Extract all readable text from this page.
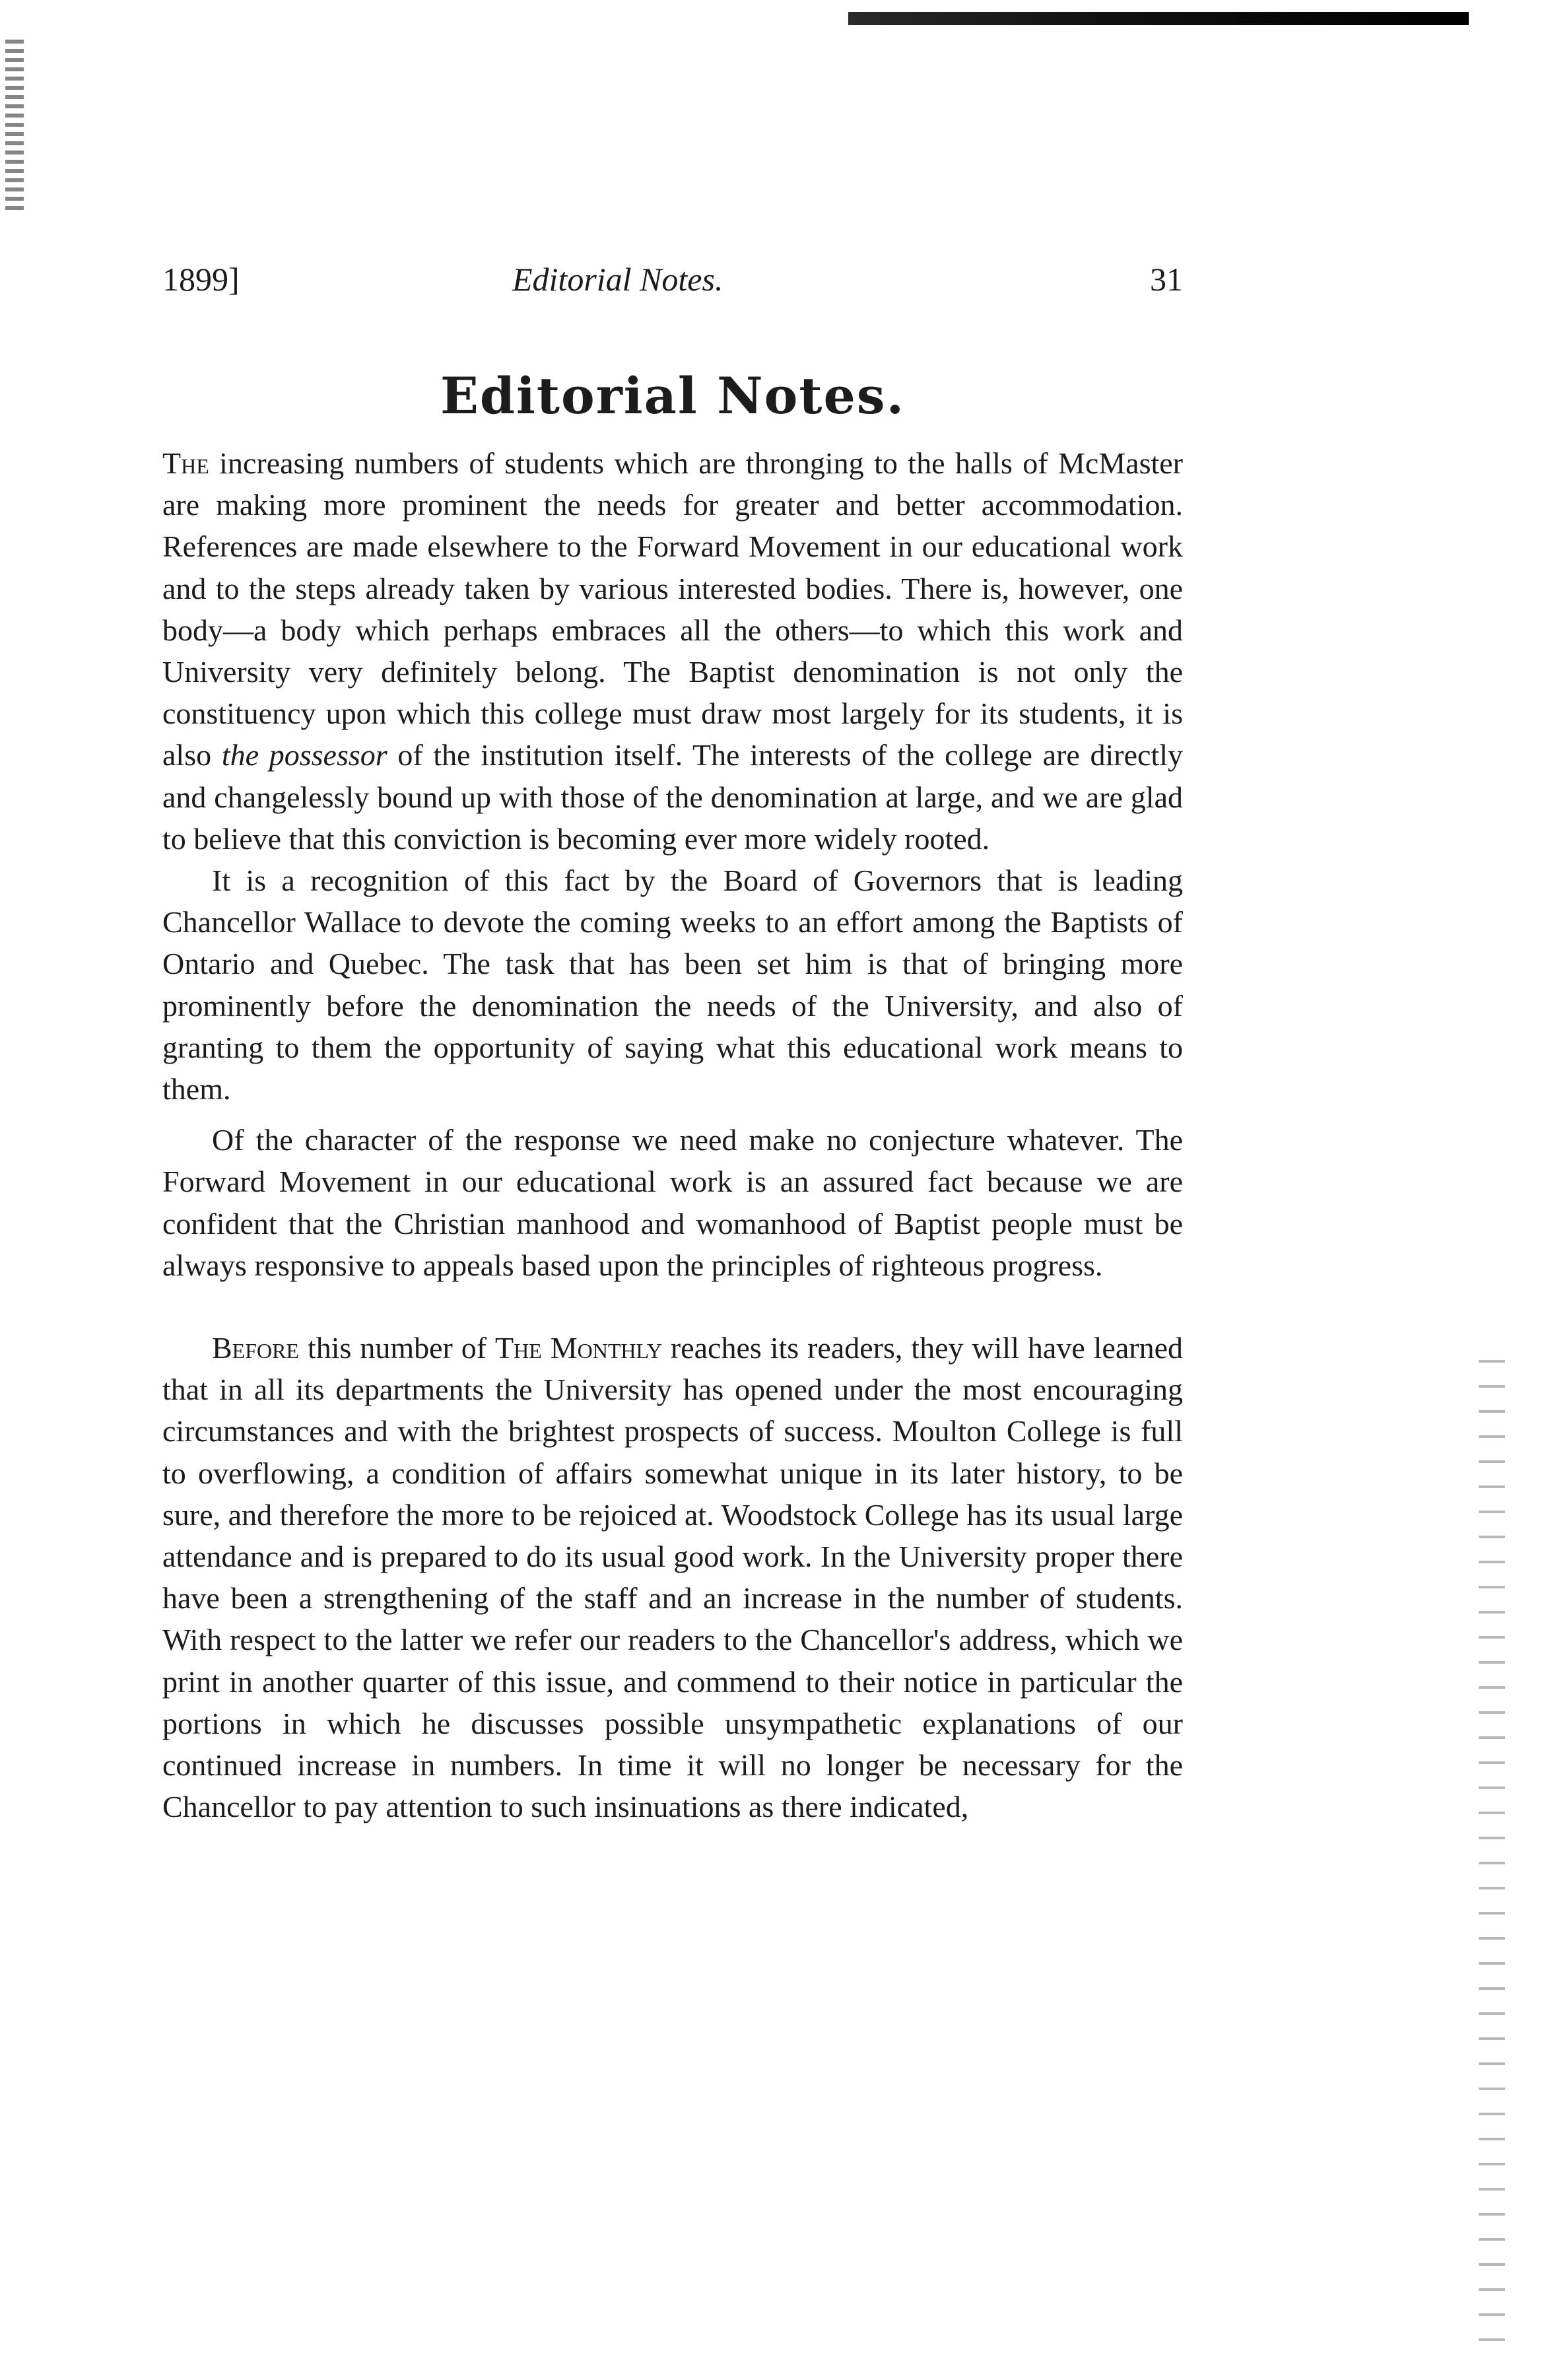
1899]	Editorial Notes.	31
Editorial Notes.

The increasing numbers of students which are thronging to the halls of McMaster are making more prominent the needs for greater and better accommodation. References are made elsewhere to the Forward Movement in our educational work and to the steps already taken by various interested bodies. There is, however, one body—a body which perhaps embraces all the others—to which this work and University very definitely belong. The Baptist denomination is not only the constituency upon which this college must draw most largely for its students, it is also the possessor of the institution itself. The interests of the college are directly and changelessly bound up with those of the denomination at large, and we are glad to believe that this conviction is becoming ever more widely rooted.

It is a recognition of this fact by the Board of Governors that is leading Chancellor Wallace to devote the coming weeks to an effort among the Baptists of Ontario and Quebec. The task that has been set him is that of bringing more prominently before the denomination the needs of the University, and also of granting to them the opportunity of saying what this educational work means to them.

Of the character of the response we need make no conjecture whatever. The Forward Movement in our educational work is an assured fact because we are confident that the Christian manhood and womanhood of Baptist people must be always responsive to appeals based upon the principles of righteous progress.

Before this number of The Monthly reaches its readers, they will have learned that in all its departments the University has opened under the most encouraging circumstances and with the brightest prospects of success. Moulton College is full to overflowing, a condition of affairs somewhat unique in its later history, to be sure, and therefore the more to be rejoiced at. Woodstock College has its usual large attendance and is prepared to do its usual good work. In the University proper there have been a strengthening of the staff and an increase in the number of students. With respect to the latter we refer our readers to the Chancellor's address, which we print in another quarter of this issue, and commend to their notice in particular the portions in which he discusses possible unsympathetic explanations of our continued increase in numbers. In time it will no longer be necessary for the Chancellor to pay attention to such insinuations as there indicated,
